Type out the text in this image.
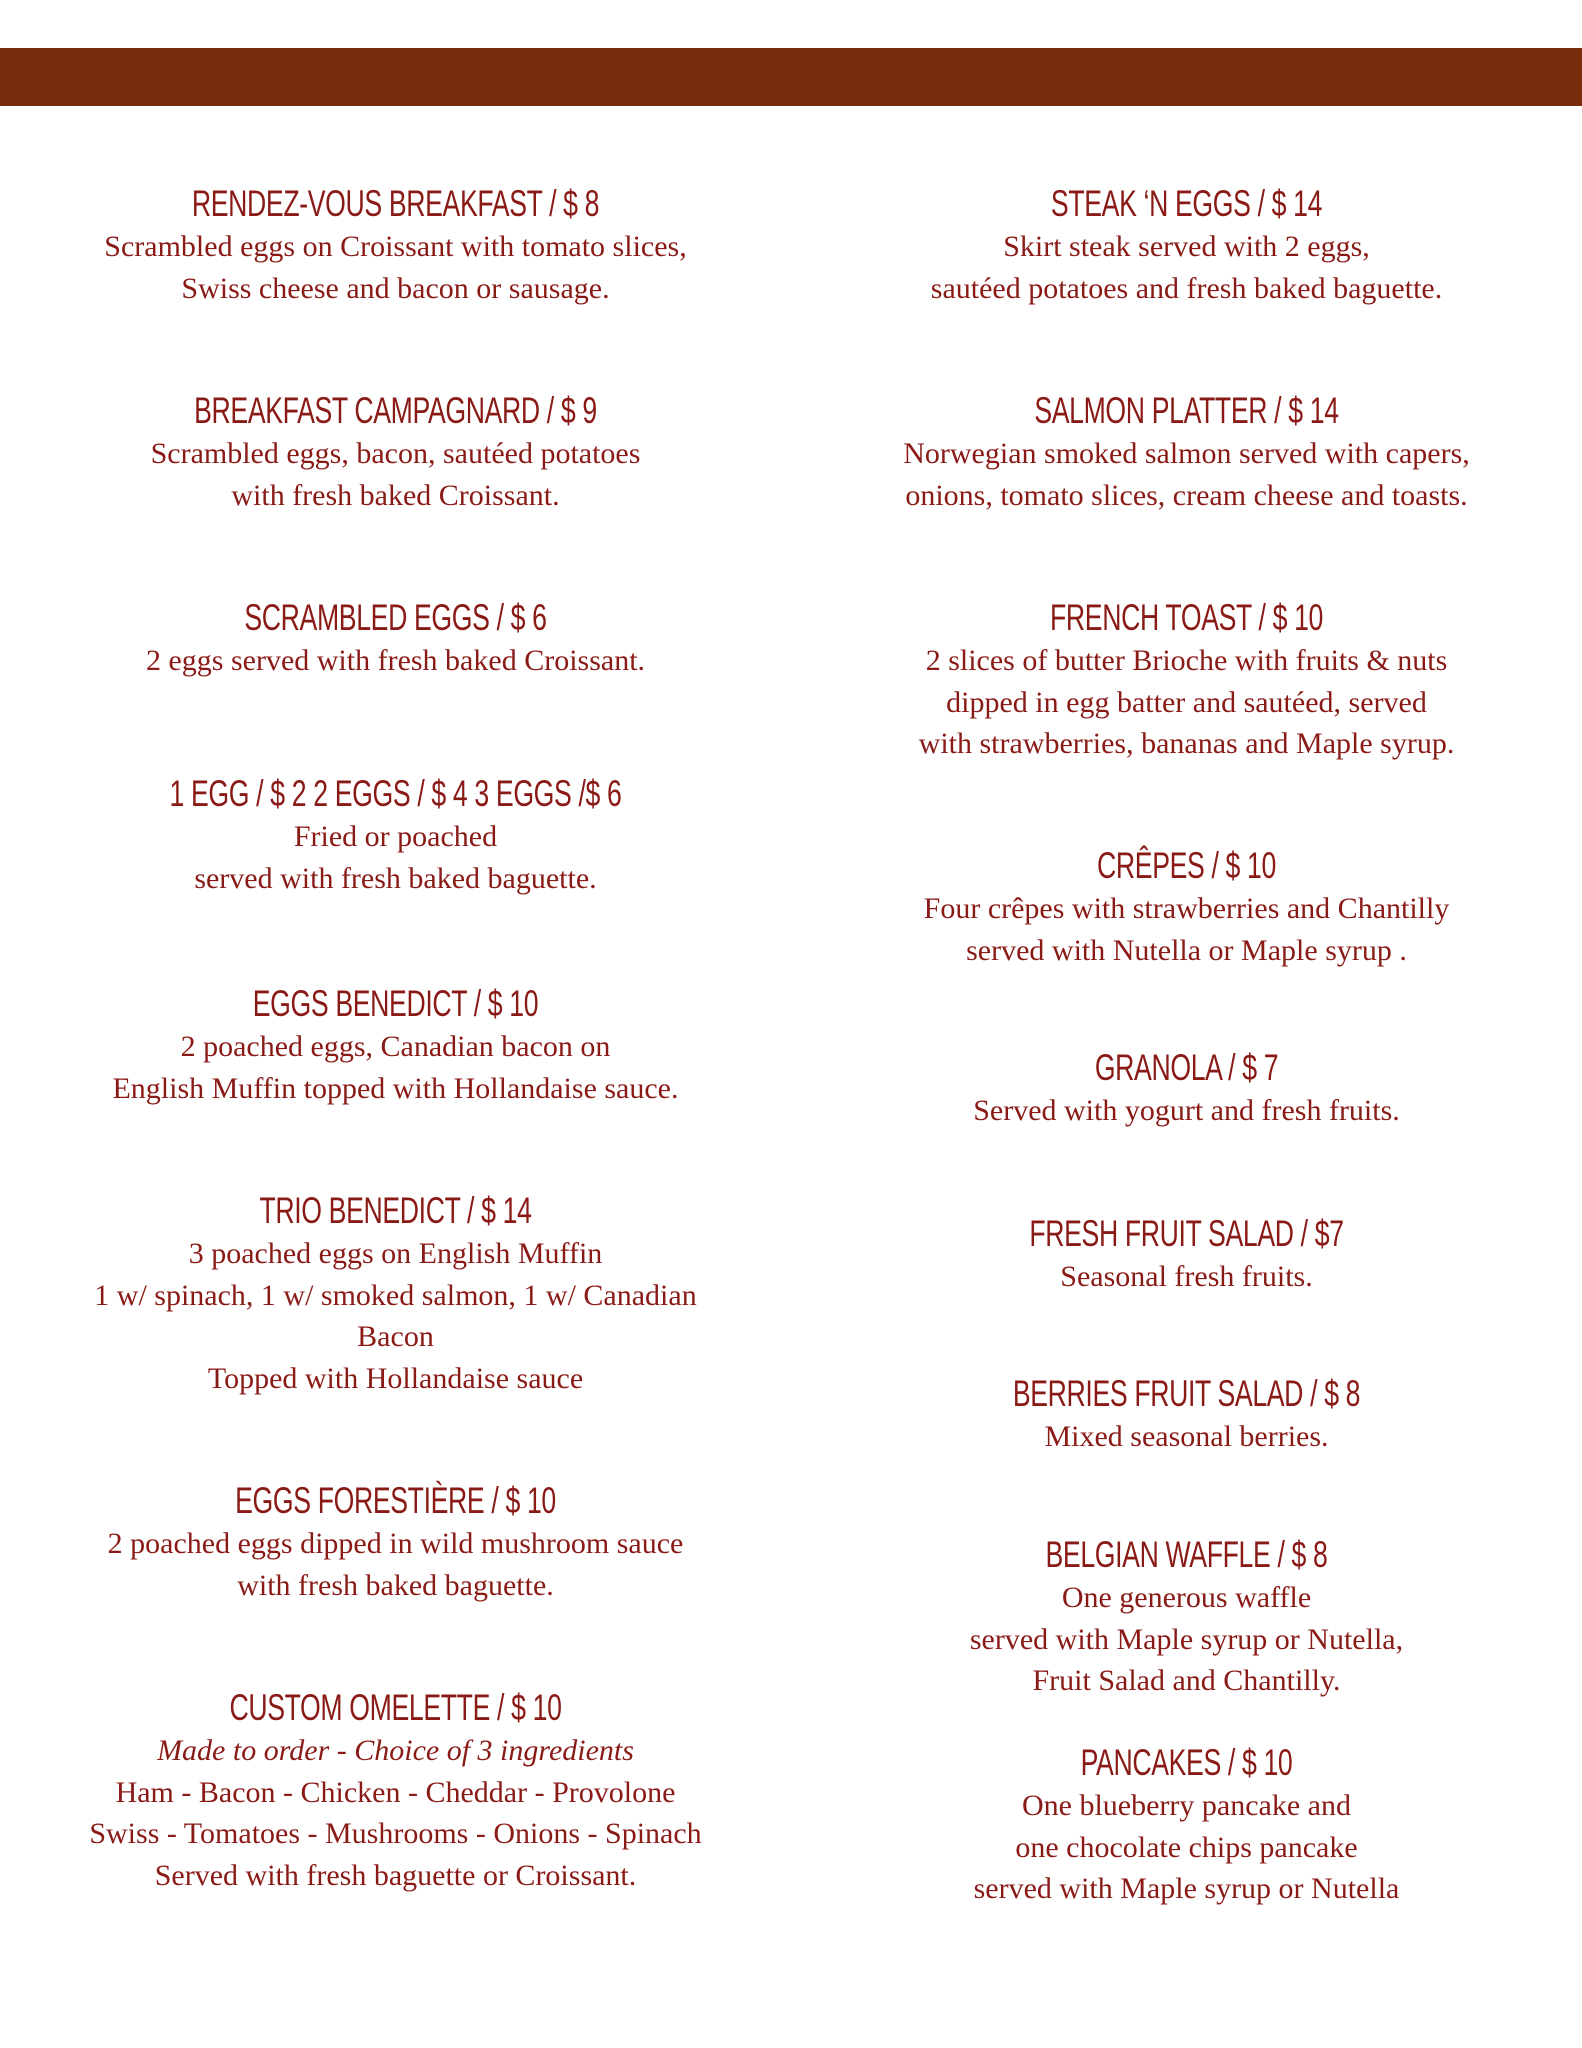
RENDEZ-VOUS BREAKFAST / $ 8
Scrambled eggs on Croissant with tomato slices,
Swiss cheese and bacon or sausage.
BREAKFAST CAMPAGNARD / $ 9
Scrambled eggs, bacon, sautéed potatoes
with fresh baked Croissant.
SCRAMBLED EGGS / $ 6
2 eggs served with fresh baked Croissant.
1 EGG / $ 2 2 EGGS / $ 4 3 EGGS /$ 6
Fried or poached
served with fresh baked baguette.
EGGS BENEDICT / $ 10
2 poached eggs, Canadian bacon on
English Muffin topped with Hollandaise sauce.
TRIO BENEDICT / $ 14
3 poached eggs on English Muffin
1 w/ spinach, 1 w/ smoked salmon, 1 w/ Canadian
Bacon
Topped with Hollandaise sauce
EGGS FORESTIÈRE / $ 10
2 poached eggs dipped in wild mushroom sauce
with fresh baked baguette.
CUSTOM OMELETTE / $ 10
Made to order - Choice of 3 ingredients
Ham - Bacon - Chicken - Cheddar - Provolone
Swiss - Tomatoes - Mushrooms - Onions - Spinach
Served with fresh baguette or Croissant.
STEAK ‘N EGGS / $ 14
Skirt steak served with 2 eggs,
sautéed potatoes and fresh baked baguette.
SALMON PLATTER / $ 14
Norwegian smoked salmon served with capers,
onions, tomato slices, cream cheese and toasts.
FRENCH TOAST / $ 10
2 slices of butter Brioche with fruits & nuts
dipped in egg batter and sautéed, served
with strawberries, bananas and Maple syrup.
CRÊPES / $ 10
Four crêpes with strawberries and Chantilly
served with Nutella or Maple syrup .
GRANOLA / $ 7
Served with yogurt and fresh fruits.
FRESH FRUIT SALAD / $7
Seasonal fresh fruits.
BERRIES FRUIT SALAD / $ 8
Mixed seasonal berries.
BELGIAN WAFFLE / $ 8
One generous waffle
served with Maple syrup or Nutella,
Fruit Salad and Chantilly.
PANCAKES / $ 10
One blueberry pancake and
one chocolate chips pancake
served with Maple syrup or Nutella
